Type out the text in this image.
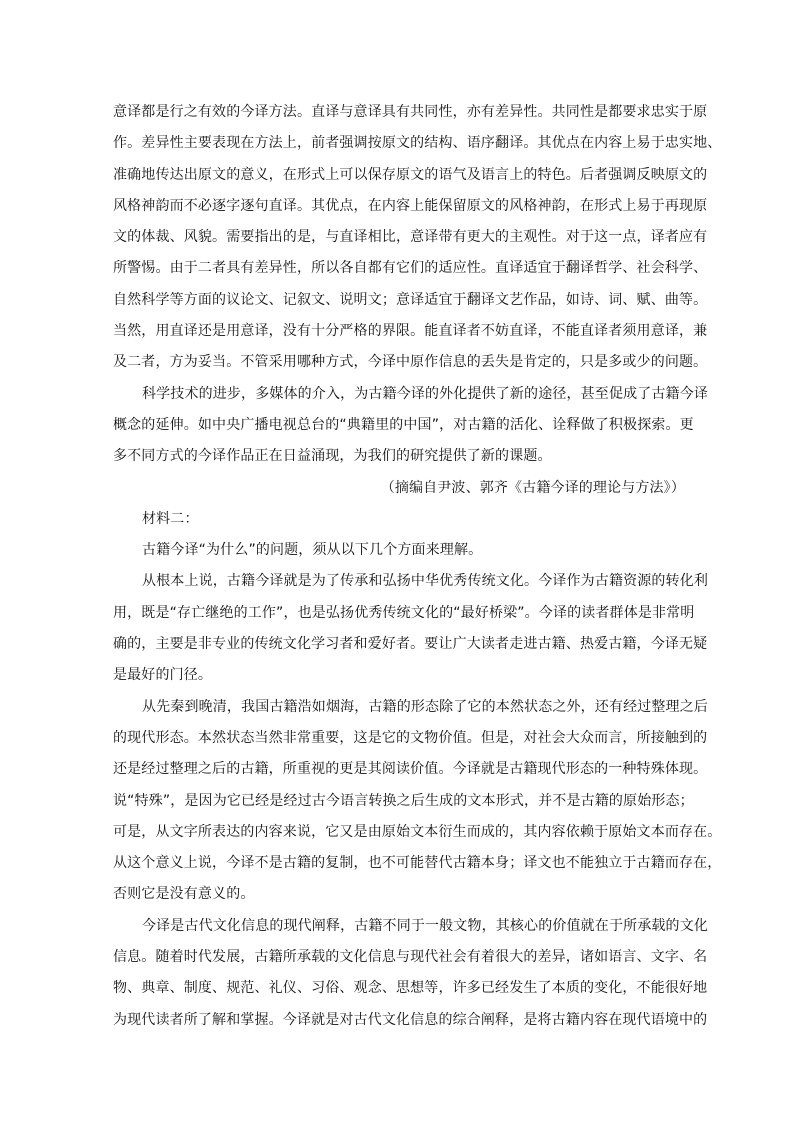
意译都是行之有效的今译方法。直译与意译具有共同性，亦有差异性。共同性是都要求忠实于原
作。差异性主要表现在方法上，前者强调按原文的结构、语序翻译。其优点在内容上易于忠实地、
准确地传达出原文的意义，在形式上可以保存原文的语气及语言上的特色。后者强调反映原文的
风格神韵而不必逐字逐句直译。其优点，在内容上能保留原文的风格神韵，在形式上易于再现原
文的体裁、风貌。需要指出的是，与直译相比，意译带有更大的主观性。对于这一点，译者应有
所警惕。由于二者具有差异性，所以各自都有它们的适应性。直译适宜于翻译哲学、社会科学、
自然科学等方面的议论文、记叙文、说明文；意译适宜于翻译文艺作品，如诗、词、赋、曲等。
当然，用直译还是用意译，没有十分严格的界限。能直译者不妨直译，不能直译者须用意译，兼
及二者，方为妥当。不管采用哪种方式，今译中原作信息的丢失是肯定的，只是多或少的问题。
科学技术的进步，多媒体的介入，为古籍今译的外化提供了新的途径，甚至促成了古籍今译
概念的延伸。如中央广播电视总台的“典籍里的中国”，对古籍的活化、诠释做了积极探索。更
多不同方式的今译作品正在日益涌现，为我们的研究提供了新的课题。
（摘编自尹波、郭齐《古籍今译的理论与方法》）
材料二：
古籍今译“为什么”的问题，须从以下几个方面来理解。
从根本上说，古籍今译就是为了传承和弘扬中华优秀传统文化。今译作为古籍资源的转化利
用，既是“存亡继绝的工作”，也是弘扬优秀传统文化的“最好桥梁”。今译的读者群体是非常明
确的，主要是非专业的传统文化学习者和爱好者。要让广大读者走进古籍、热爱古籍，今译无疑
是最好的门径。
从先秦到晚清，我国古籍浩如烟海，古籍的形态除了它的本然状态之外，还有经过整理之后
的现代形态。本然状态当然非常重要，这是它的文物价值。但是，对社会大众而言，所接触到的
还是经过整理之后的古籍，所重视的更是其阅读价值。今译就是古籍现代形态的一种特殊体现。
说“特殊”，是因为它已经是经过古今语言转换之后生成的文本形式，并不是古籍的原始形态；
可是，从文字所表达的内容来说，它又是由原始文本衍生而成的，其内容依赖于原始文本而存在。
从这个意义上说，今译不是古籍的复制，也不可能替代古籍本身；译文也不能独立于古籍而存在，
否则它是没有意义的。
今译是古代文化信息的现代阐释，古籍不同于一般文物，其核心的价值就在于所承载的文化
信息。随着时代发展，古籍所承载的文化信息与现代社会有着很大的差异，诸如语言、文字、名
物、典章、制度、规范、礼仪、习俗、观念、思想等，许多已经发生了本质的变化，不能很好地
为现代读者所了解和掌握。今译就是对古代文化信息的综合阐释，是将古籍内容在现代语境中的
